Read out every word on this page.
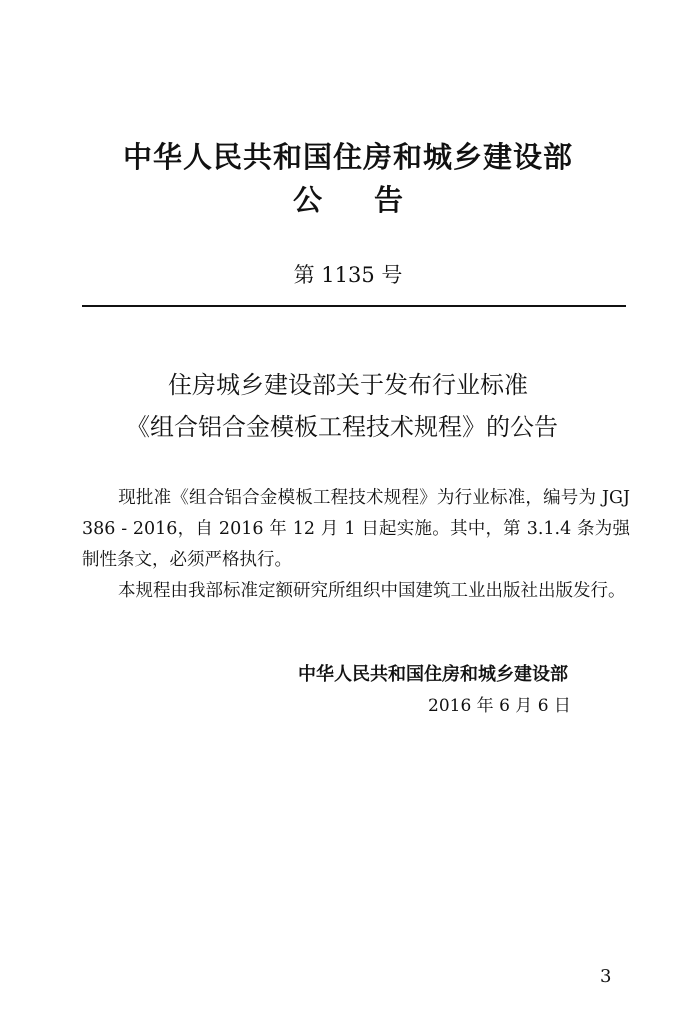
中华人民共和国住房和城乡建设部
公告
第 1135 号
住房城乡建设部关于发布行业标准
《组合铝合金模板工程技术规程》的公告
现批准《组合铝合金模板工程技术规程》为行业标准，编号为 JGJ 386 - 2016，自 2016 年 12 月 1 日起实施。其中，第 3.1.4 条为强制性条文，必须严格执行。
本规程由我部标准定额研究所组织中国建筑工业出版社出版发行。
中华人民共和国住房和城乡建设部
2016 年 6 月 6 日
3
